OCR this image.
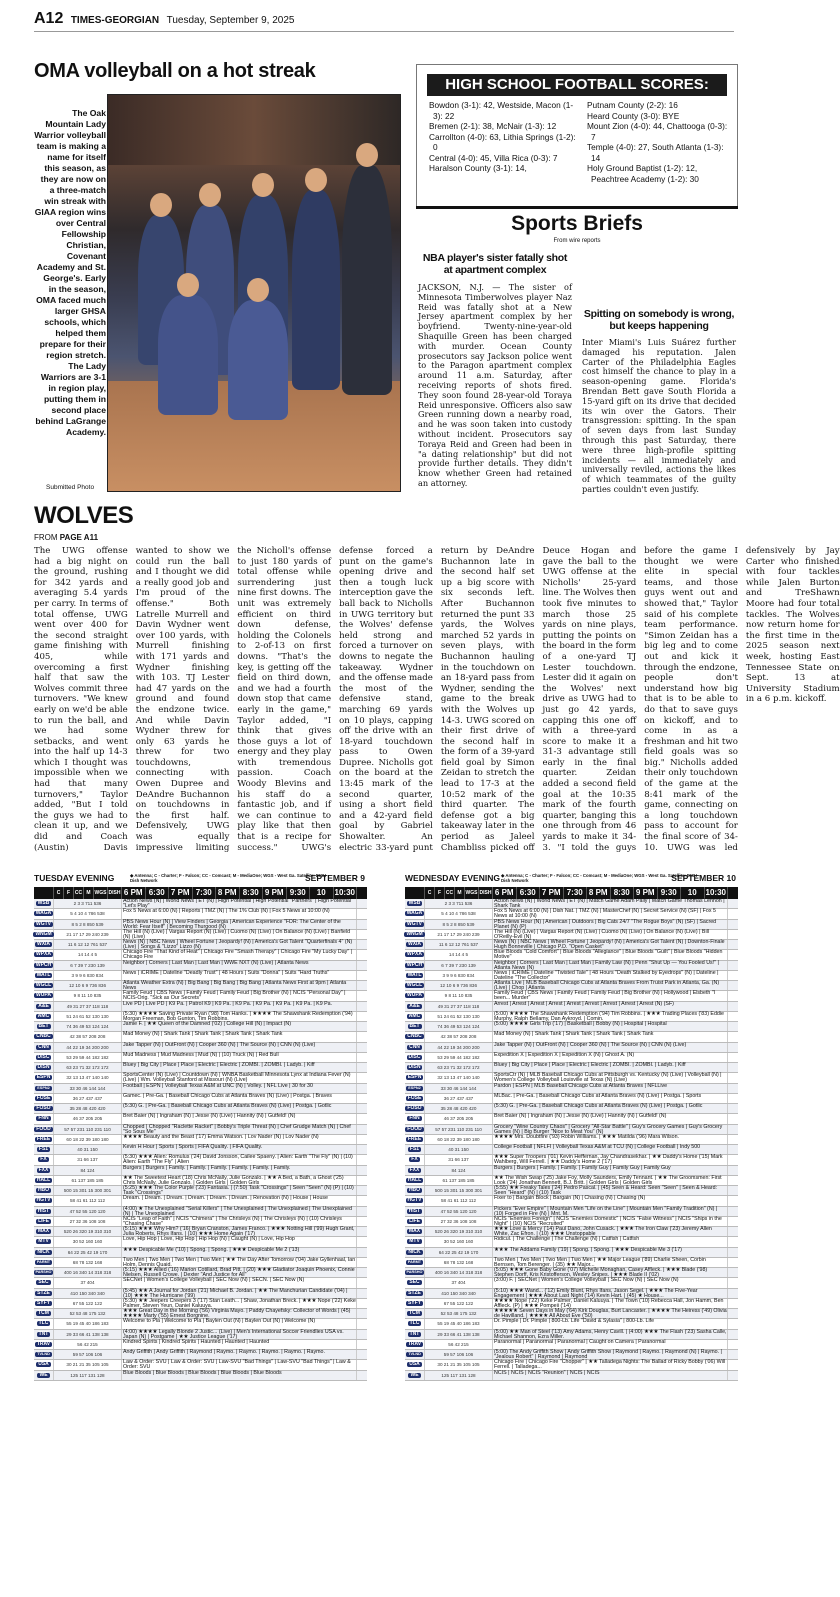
A12 TIMES-GEORGIAN Tuesday, September 9, 2025
OMA volleyball on a hot streak
The Oak Mountain Lady Warrior volleyball team is making a name for itself this season, as they are now on a three-match win streak with GIAA region wins over Central Fellowship Christian, Covenant Academy and St. George's. Early in the season, OMA faced much larger GHSA schools, which helped them prepare for their region stretch. The Lady Warriors are 3-1 in region play, putting them in second place behind LaGrange Academy.
Submitted Photo
HIGH SCHOOL FOOTBALL SCORES: SEPT. 5
Bowdon (3-1): 42, Westside, Macon (1-3): 22
Bremen (2-1): 38, McNair (1-3): 12
Carrollton (4-0): 63, Lithia Springs (1-2): 0
Central (4-0): 45, Villa Rica (0-3): 7
Haralson County (3-1): 14,
Putnam County (2-2): 16
Heard County (3-0): BYE
Mount Zion (4-0): 44, Chattooga (0-3): 7
Temple (4-0): 27, South Atlanta (1-3): 14
Holy Ground Baptist (1-2): 12, Peachtree Academy (1-2): 30
Sports Briefs
From wire reports
NBA player's sister fatally shot at apartment complex
JACKSON, N.J. — The sister of Minnesota Timberwolves player Naz Reid was fatally shot at a New Jersey apartment complex by her boyfriend. Twenty-nine-year-old Shaquille Green has been charged with murder. Ocean County prosecutors say Jackson police went to the Paragon apartment complex around 11 a.m. Saturday, after receiving reports of shots fired. They soon found 28-year-old Toraya Reid unresponsive. Officers also saw Green running down a nearby road, and he was soon taken into custody without incident. Prosecutors say Toraya Reid and Green had been in "a dating relationship" but did not provide further details. They didn't know whether Green had retained an attorney.
Spitting on somebody is wrong, but keeps happening
Inter Miami's Luis Suárez further damaged his reputation. Jalen Carter of the Philadelphia Eagles cost himself the chance to play in a season-opening game. Florida's Brendan Bett gave South Florida a 15-yard gift on its drive that decided its win over the Gators. Their transgression: spitting. In the span of seven days from last Sunday through this past Saturday, there were three high-profile spitting incidents — all immediately and universally reviled, actions the likes of which teammates of the guilty parties couldn't even justify.
WOLVES
FROM PAGE A11
The UWG offense had a big night on the ground, rushing for 342 yards and averaging 5.4 yards per carry. In terms of total offense, UWG went over 400 for the second straight game finishing with 405, while overcoming a first half that saw the Wolves commit three turnovers. "We knew early on we'd be able to run the ball, and we had some setbacks, and went into the half up 14-3 which I thought was impossible when we had that many turnovers," Taylor added, "But I told the guys we had to clean it up, and we did and Coach (Austin) Davis wanted to show we could run the ball and I thought we did a really good job and I'm proud of the offense." Both Latrelle Murrell and Davin Wydner went over 100 yards, with Murrell finishing with 171 yards and Wydner finishing with 103. TJ Lester had 47 yards on the ground and found the endzone twice. And while Davin Wydner threw for only 63 yards he threw for two touchdowns, connecting with Owen Dupree and DeAndre Buchannon on touchdowns in the first half. Defensively, UWG was equally impressive limiting the Nicholl's offense to just 180 yards of total offense while surrendering just nine first downs. The unit was extremely efficient on third down defense, holding the Colonels to 2-of-13 on first downs. "That's the key, is getting off the field on third down, and we had a fourth down stop that came early in the game," Taylor added, "I think that gives those guys a lot of energy and they play with tremendous passion. Coach Woody Blevins and his staff do a fantastic job, and if we can continue to play like that then that is a recipe for success." UWG's defense forced a punt on the game's opening drive and then a tough luck interception gave the ball back to Nicholls in UWG territory but the Wolves' defense held strong and forced a turnover on downs to negate the takeaway. Wydner and the offense made the most of the defensive stand, marching 69 yards on 10 plays, capping off the drive with an 18-yard touchdown pass to Owen Dupree. Nicholls got on the board at the 13:45 mark of the second quarter, using a short field and a 42-yard field goal by Gabriel Showalter. An electric 33-yard punt return by DeAndre Buchannon late in the second half set up a big score with six seconds left. After Buchannon returned the punt 33 yards, the Wolves marched 52 yards in seven plays, with Buchannon hauling in the touchdown on an 18-yard pass from Wydner, sending the game to the break with the Wolves up 14-3. UWG scored on their first drive of the second half in the form of a 39-yard field goal by Simon Zeidan to stretch the lead to 17-3 at the 10:52 mark of the third quarter. The defense got a big takeaway later in the period as Jaleel Chambliss picked off Deuce Hogan and gave the ball to the UWG offense at the Nicholls' 25-yard line. The Wolves then took five minutes to march those 25 yards on nine plays, putting the points on the board in the form of a one-yard TJ Lester touchdown. Lester did it again on the Wolves' next drive as UWG had to just go 42 yards, capping this one off with a three-yard score to make it a 31-3 advantage still early in the final quarter. Zeidan added a second field goal at the 10:35 mark of the fourth quarter, banging this one through from 46 yards to make it 34-3. "I told the guys before the game I thought we were elite in special teams, and those guys went out and showed that," Taylor said of his complete team performance. "Simon Zeidan has a big leg and to come out and kick it through the endzone, people don't understand how big that is to be able to do that to save guys on kickoff, and to come in as a freshman and hit two field goals was so big." Nicholls added their only touchdown of the game at the 8:41 mark of the game, connecting on a long touchdown pass to account for the final score of 34-10. UWG was led defensively by Jay Carter who finished with four tackles while Jalen Burton and TreShawn Moore had four total tackles. The Wolves now return home for the first time in the 2025 season next week, hosting East Tennessee State on Sept. 13 at University Stadium in a 6 p.m. kickoff.
TUESDAY EVENING	◆ Antenna; C - Charter; F - Falcon; CC - Comcast; M - MediaOne; WGS - West Ga. Satellite; DISH - Dish Network	SEPTEMBER 9
C	F CC M WGS DISH 6 PM 6:30 7 PM 7:30 8 PM 8:30 9 PM 9:30	10	10:30
WSB	2 3 3 711 536	Action News (N) | World News | ET (N) | High Potential | High Potential "Partners" | High Potential "Let's Play"
WAGA	5 4 10 4 786 538	Fox 5 News at 6:00 (N) | Reports | TMZ (N) | The 1% Club (N) | Fox 5 News at 10:00 (N)
WGTV	8 5 2 8 850 539	PBS News Hour (N) | View Finders | Georgia | American Experience "FDR: The Center of the World: Fear Itself" | Becoming Thurgood (N)
WNGM	21 17 17 29 240 239	The Hill (N) (Live) | Vargas Report (N) (Live) | Cuomo (N) (Live) | On Balance (N) (Live) | Banfield (N) (Live)
WXIA	11 6 12 12 761 537	News (N) | NBC News | Wheel Fortune | Jeopardy! (N) | America's Got Talent "Quarterfinals 4" (N) (Live) | Songs & "Lizzo" Lizzo (N)
WPXA	14 14 4 5	Chicago Fire "That Kind of Heat" | Chicago Fire "Smash Therapy" | Chicago Fire "My Lucky Day" | Chicago Fire
WPCH	6 7 39 7 230 139	Neighbor | Corners | Last Man | Last Man | WWE NXT (N) (Live) | Atlanta News
WATL	3 9 9 6 830 834	News | iCRIME | Dateline "Deadly Trust" | 48 Hours | Suits "Donna" | Suits "Hard Truths"
WGCL	12 10 6 9 736 836	Atlanta Weather Extra (N) | Big Bang | Big Bang | Big Bang | Atlanta News First at 9pm | Atlanta News
WUPA	9 8 11 10 835	Family Feud | CBS News | Family Feud | Family Feud | Big Brother (N) | NCIS "Personal Day" | NCIS-Orig. "Sick as Our Secrets"
A&E	49 31 27 37 118 118	Live PD | Live PD | K9 Pa. | Patrol K9 | K9 Pa. | K9 Pa. | K9 Pa. | K9 Pa. | K9 Pa. | K9 Pa.
AMC	51 24 61 52 130 130	(5:30) ★★★★ Saving Private Ryan ('98) Tom Hanks. | ★★★★ The Shawshank Redemption ('94) Morgan Freeman, Bob Gunton, Tim Robbins.
BET	74 36 49 53 124 124	Jamie F. | ★★ Queen of the Damned ('02) | College Hill (N) | Impact (N)
CNBC	42 38 57 208 208	Mad Money (N) | Shark Tank | Shark Tank | Shark Tank | Shark Tank
CNN	44 22 19 34 200 200	Jake Tapper (N) | OutFront (N) | Cooper 360 (N) | The Source (N) | CNN (N) (Live)
DISC	53 29 59 44 182 182	Mud Madness | Mud Madness | Mud (N) | (10) Truck (N) | Red Bull
DISN	63 23 71 32 172 172	Bluey | Big City | Place | Place | Electric | Electric | ZOMBI. | ZOMBI. | Ladyb. | Kiff
ESPN	32 13 13 47 140 140	SportsCenter (N) (Live) | Countdown (N) | WNBA Basketball Minnesota Lynx at Indiana Fever (N) (Live) | Wm. Volleyball Stanford at Missouri (N) (Live)
ESPN2	33 30 46 144 144	Football | ESPN | Volleyball Texas A&M at UNC (N) | Volley. | NFL Live | 30 for 30
FOSE	36 27 437 437	Gamec. | Pre-Ga. | Baseball Chicago Cubs at Atlanta Braves (N) (Live) | Postga. | Braves
FOSO	35 28 48 420 420	(5:30) G. | Pre-Ga. | Baseball Chicago Cubs at Atlanta Braves (N) (Live) | Postga. | Gotlic
FNN	46 37 205 205	Bret Baier (N) | Ingraham (N) | Jesse (N) (Live) | Hannity (N) | Gutfeld! (N)
FOOD	57 57 231 110 231 110	Chopped | Chopped "Raclette Racket" | Bobby's Triple Threat (N) | Chef Grudge Match (N) | Chef "So Sous Me"
FREE	60 18 22 39 180 180	★★★★ Beauty and the Beast ('17) Emma Watson. | Lov Nader (N) | Lov Nader (N)
FS1	40 31 150	Kevin H Hour | Sports | Sports | FIFA Quality. | FIFA Quality.
FX	31 66 137	(5:30) ★★★ Alien: Romulus ('24) David Jonsson, Cailee Spaeny. | Alien: Earth "The Fly" (N) | (10) Alien: Earth "The Fly" | Alien
FXX	84 124	Burgers | Burgers | Family. | Family. | Family. | Family. | Family. | Family.
HALL	61 137 185 185	★★ The Sweetest Heart ('18) Chris McNally, Julie Gonzalo. | ★★ A Bed, a Bath, a Ghost ('25) Chris McNally, Julie Gonzalo. | Golden Girls | Golden Girls
HBO	500 15 301 15 300 301	(5:25) ★★★ The Color Purple ('23) Fantasia. | (7:50) Task "Crossings" | Seen "Seen" (N) (P) | (10) Task "Crossings"
HGTV	58 41 61 112 112	Dream. | Dream. | Dream. | Dream. | Dream. | Dream. | Renovation (N) | House | House
HIST	47 52 55 120 120	(4:00) ★ The Unexplained "Serial Killers" | The Unexplained | The Unexplained | The Unexplained (N) | The Unexplained
LIFE	27 32 36 108 108	NCIS "Leap of Faith" | NCIS "Chimera" | The Chrisleys (N) | The Chrisleys (N) | (10) Chrisleys "Chasing Chase"
MAX	520 26 320 19 310 310	(5:15) ★★★ Why Him? ('16) Bryan Cranston, James Franco. | ★★★ Notting Hill ('99) Hugh Grant, Julia Roberts, Rhys Ifans. | (10) ★★★ Home Again ('17)
MTV	30 52 160 160	Love, Hip Hop | Love, Hip Hop | Hip Hop (N) | Caught (N) | Love, Hip Hop
NICK	64 22 25 42 19 170	★★★ Despicable Me ('10) | Spong. | Spong. | ★★★ Despicable Me 2 ('13)
PARMT	68 78 132 168	Two Men | Two Men | Two Men | Two Men | ★★ The Day After Tomorrow ('04) Jake Gyllenhaal, Ian Holm, Dennis Quaid.
PARSHO	400 16 340 14 318 318	(5:15) ★★★ Allied ('16) Marion Cotillard, Brad Pitt. | (20) ★★★ Gladiator Joaquin Phoenix, Connie Nielsen, Russell Crowe. | Dexter "And Justice for All"
SEC	37 404	SECNet | Women's College Volleyball | SEC Now (N) | SECN. | SEC Now (N)
STZE	410 150 340 340	(5:45) ★★ A Journal for Jordan ('21) Michael B. Jordan. | ★★ The Manchurian Candidate ('04) | (10) ★★★ The Hurricane ('99)
SYFY	67 55 122 122	(5:30) ★★ Jeepers Creepers 3 ('17) Stan Leath... | Shaw, Jonathan Breck. | ★★★ Nope ('22) Keke Palmer, Steven Yeun, Daniel Kaluuya.
TCM	52 53 48 175 132	★★★ Great Day in the Morning ('56) Virginia Mayo. | Paddy Chayefsky: Collector of Words | (45) ★★★★ Marty ('55) Ernest Borgnine.
TLC	55 19 45 40 186 183	Welcome to Pla | Welcome to Pla | Baylen Out (N) | Baylen Out (N) | Welcome (N)
TNT	29 33 66 41 138 138	(4:00) ★★★★ Legally Blonde 2 Justic... (Live) | Men's International Soccer Friendlies USA vs. Japan (N) | Postgame | ★★ Justice League ('17)
TRAV	56 42 215	Kindred Spirits | Kindred Spirits | Haunted | Haunted | Haunted
TVLND	59 57 106 106	Andy Griffith | Andy Griffith | Raymond | Raymo. | Raymo. | Raymo. | Raymo. | Raymo.
USA	30 21 21 35 105 105	Law & Order: SVU | Law & Order: SVU | Law-SVU "Bad Things" | Law-SVU "Bad Things" | Law & Order: SVU
WE	125 117 131 128	Blue Bloods | Blue Bloods | Blue Bloods | Blue Bloods | Blue Bloods
WEDNESDAY EVENING ◆ Antenna; C - Charter; F - Falcon; CC - Comcast; M - MediaOne; WGS - West Ga. Satellite; DISH - Dish Network	SEPTEMBER 10
C	F CC M WGS DISH 6 PM 6:30 7 PM 7:30 8 PM 8:30 9 PM 9:30	10	10:30
WSB	2 3 3 711 536	Action News (N) | World News | ET (N) | Match Game Adam Pally | Match Game Thomas Lennon | Shark Tank
WAGA	5 4 10 4 786 538	Fox 5 News at 6:00 (N) | Dish Nat. | TMZ (N) | MasterChef (N) | Secret Service (N) (SF) | Fox 5 News at 10:00 (N)
WGTV	8 5 2 8 850 539	PBS News Hour (N) | American | Outdoors | Big Cats 24/7 "The Rogue Boys" (N) (SF) | Sacred Planet (N) (P)
WNGM	21 17 17 29 240 239	The Hill (N) (Live) | Vargas Report (N) (Live) | Cuomo (N) (Live) | On Balance (N) (Live) | Bill O'Reilly-Evil (N)
WXIA	11 6 12 12 761 537	News (N) | NBC News | Wheel Fortune | Jeopardy! (N) | America's Got Talent (N) | Downton-Finale Hugh Bonneville | Chicago P.D. "Open Casket"
WPXA	14 14 4 5	Blue Bloods "Cold Comfort" | Blue Bloods "Allegiance" | Blue Bloods "Guilt" | Blue Bloods "Hidden Motive"
WPCH	6 7 39 7 230 139	Neighbor | Corners | Last Man | Last Man | Family Law (N) | Penn "Shut Up — You Fooled Us!" | Atlanta News (N)
WATL	3 9 9 6 830 834	News | iCRIME | Dateline "Twisted Tale" | 48 Hours "Death Stalked by Eyedrops" (N) | Dateline | Dateline "The Collector"
WGCL	12 10 6 9 736 836	Atlanta Live | MLB Baseball Chicago Cubs at Atlanta Braves From Truist Park in Atlanta, Ga. (N) (Live) | Chop | Atlanta
WUPA	9 8 11 10 835	Family Feud | CBS News | Family Feud | Family Feud | Big Brother (N) | Hollywood | Elsbeth "I been... Murder"
A&E	49 31 27 37 118 118	Arrest | Arrest | Arrest | Arrest | Arrest | Arrest | Arrest | Arrest | Arrest (N) (SF)
AMC	51 24 61 52 130 130	(5:00) ★★★★ The Shawshank Redemption ('94) Tim Robbins. | ★★★ Trading Places ('83) Eddie Murphy, Ralph Bellamy, Dan Aykroyd. | Comin.
BET	74 36 49 53 124 124	(5:00) ★★★★ Girls Trip ('17) | Basketball | Bobby (N) | Hospital | Hospital
CNBC	42 38 57 208 208	Mad Money (N) | Shark Tank | Shark Tank | Shark Tank | Shark Tank
CNN	44 22 19 34 200 200	Jake Tapper (N) | OutFront (N) | Cooper 360 (N) | The Source (N) | CNN (N) (Live)
DISC	53 29 59 44 182 182	Expedition X | Expedition X | Expedition X (N) | Ghost A. (N)
DISN	63 23 71 32 172 172	Bluey | Big City | Place | Place | Electric | Electric | ZOMBI. | ZOMBI. | Ladyb. | Kiff
ESPN	32 13 13 47 140 140	SportsCtr (N) | MLB Baseball Chicago Cubs at Pittsburgh vs. Kentucky (N) (Live) | Volleyball (N) | Women's College Volleyball Louisville at Texas (N) (Live)
ESPN2	33 30 46 144 144	Pardon | ESPN | MLB Baseball Chicago Cubs at Atlanta Braves | NFLLive
FOSE	36 27 437 437	MLBac. | Pre-Ga. | Baseball Chicago Cubs at Atlanta Braves (N) (Live) | Postga. | Sports
FOSO	35 28 48 420 420	(5:30) G. | Pre-Ga. | Baseball Chicago Cubs at Atlanta Braves (N) (Live) | Postga. | Gotlic
FNN	46 37 205 205	Bret Baier (N) | Ingraham (N) | Jesse (N) (Live) | Hannity (N) | Gutfeld! (N)
FOOD	57 57 231 110 231 110	Grocery "Wine Country Chaos" | Grocery "All-Star Battle" | Guy's Grocery Games | Guy's Grocery Games (N) | Big Burger "Nice to Meat You" (N)
FREE	60 18 22 39 180 180	★★★★ Mrs. Doubtfire ('93) Robin Williams. | ★★★ Matilda ('96) Mara Wilson.
FS1	40 31 150	College Football | NFLFI | Volleyball Texas A&M at TCU (N) | College Football | Indy 500
FX	31 66 137	★★★ Super Troopers ('01) Kevin Heffernan, Jay Chandrasekhar. | ★★ Daddy's Home ('15) Mark Wahlberg, Will Ferrell. | ★★ Daddy's Home 2 ('17)
FXX	84 124	Burgers | Burgers | Family. | Family. | Family Guy | Family Guy | Family Guy
HALL	61 137 185 185	★★ The Wish Swap ('25) Jake Foy, Molly Saunders, Emily Tennant. | ★★ The Groomsmen: First Look ('24) Jonathan Bennett, B.J. Britt. | Golden Girls | Golden Girls
HBO	500 15 301 15 300 301	(5:55) ★★ Freaky Tales ('24) Pedro Pascal. | (45) Seen & Heard: Seen "Seen" | Seen & Heard: Seen "Heard" (N) | (10) Task
HGTV	58 41 61 112 112	Fixer to | Bargain Block | Bargain (N) | Chasing (N) | Chasing (N)
HIST	47 52 55 120 120	Pickers "Ever Empire" | Mountain Men "Life on the Line" | Mountain Men "Family Tradition" (N) | (10) Forged in Fire (N) | Mnt. M.
LIFE	27 32 36 108 108	NCIS "Enemies Foreign" | NCIS "Enemies Domestic" | NCIS "False Witness" | NCIS "Ships in the Night" | (10) NCIS "Recruited"
MAX	520 26 320 19 310 310	★★★ Love & Mercy ('14) Paul Dano, John Cusack. | ★★★ The Iron Claw ('23) Jeremy Allen White, Zac Efron. | (10) ★★★ Unstoppable
MTV	30 52 160 160	Ridicul. | The Challenge | The Challenge (N) | Catfish | Catfish
NICK	64 22 25 42 19 170	★★★ The Addams Family ('19) | Spong. | Spong. | ★★★ Despicable Me 3 ('17)
PARMT	68 78 132 168	Two Men | Two Men | Two Men | Two Men | ★★ Major League ('89) Charlie Sheen, Corbin Bernsen, Tom Berenger. | (35) ★★ Major...
PARSHO	400 16 340 14 318 318	(5:05) ★★★ Gone Baby Gone ('07) Michelle Monaghan, Casey Affleck. | ★★★ Blade ('98) Stephen Dorff, Kris Kristofferson, Wesley Snipes. | ★★★ Blade II ('02)
SEC	37 404	(3:00) F. | SECNet | Women's College Volleyball | SEC Now (N) | SEC Now (N)
STZE	410 150 340 340	(5:10) ★★★ Wand... ('12) Emily Blunt, Rhys Ifans, Jason Segel. | ★★★ The Five-Year Engagement | ★★★ About Last Night ('14) Kevin Hart. | (45) ★ House...
SYFY	67 55 122 122	★★★★ Nope ('22) Keke Palmer, Daniel Kaluuya. | The Town ('10) Rebecca Hall, Jon Hamm, Ben Affleck. (P) | ★★★ Pompeii ('14)
TCM	52 53 48 175 132	★★★★★ Seven Days in May ('64) Kirk Douglas, Burt Lancaster. | ★★★★ The Heiress ('49) Olivia de Havilland. | ★★★★ All About Eve ('50)
TLC	55 19 45 40 186 183	Dr. Pimple | Dr. Pimple | 800-Lb. Life "David & Sylasia" | 800-Lb. Life
TNT	29 33 66 41 138 138	(5:00) ★★ Man of Steel ('13) Amy Adams, Henry Cavill. | (4:00) ★★★ The Flash ('23) Sasha Calle, Michael Shannon, Ezra Miller.
TRAV	56 42 215	Paranormal | Paranormal | Paranormal | Caught on Camera | Paranormal
TVLND	59 57 106 106	(5:00) The Andy Griffith Show | Andy Griffith Show | Raymond | Raymo. | Raymond (N) | Raymo. | "Jealous Robert" | Raymond | Raymond
USA	30 21 21 35 105 105	Chicago Fire | Chicago Fire "Chopper" | ★★ Talladega Nights: The Ballad of Ricky Bobby ('06) Will Ferrell. | Talladega...
WE	125 117 131 128	NCIS | NCIS | NCIS "Reunion" | NCIS | NCIS
